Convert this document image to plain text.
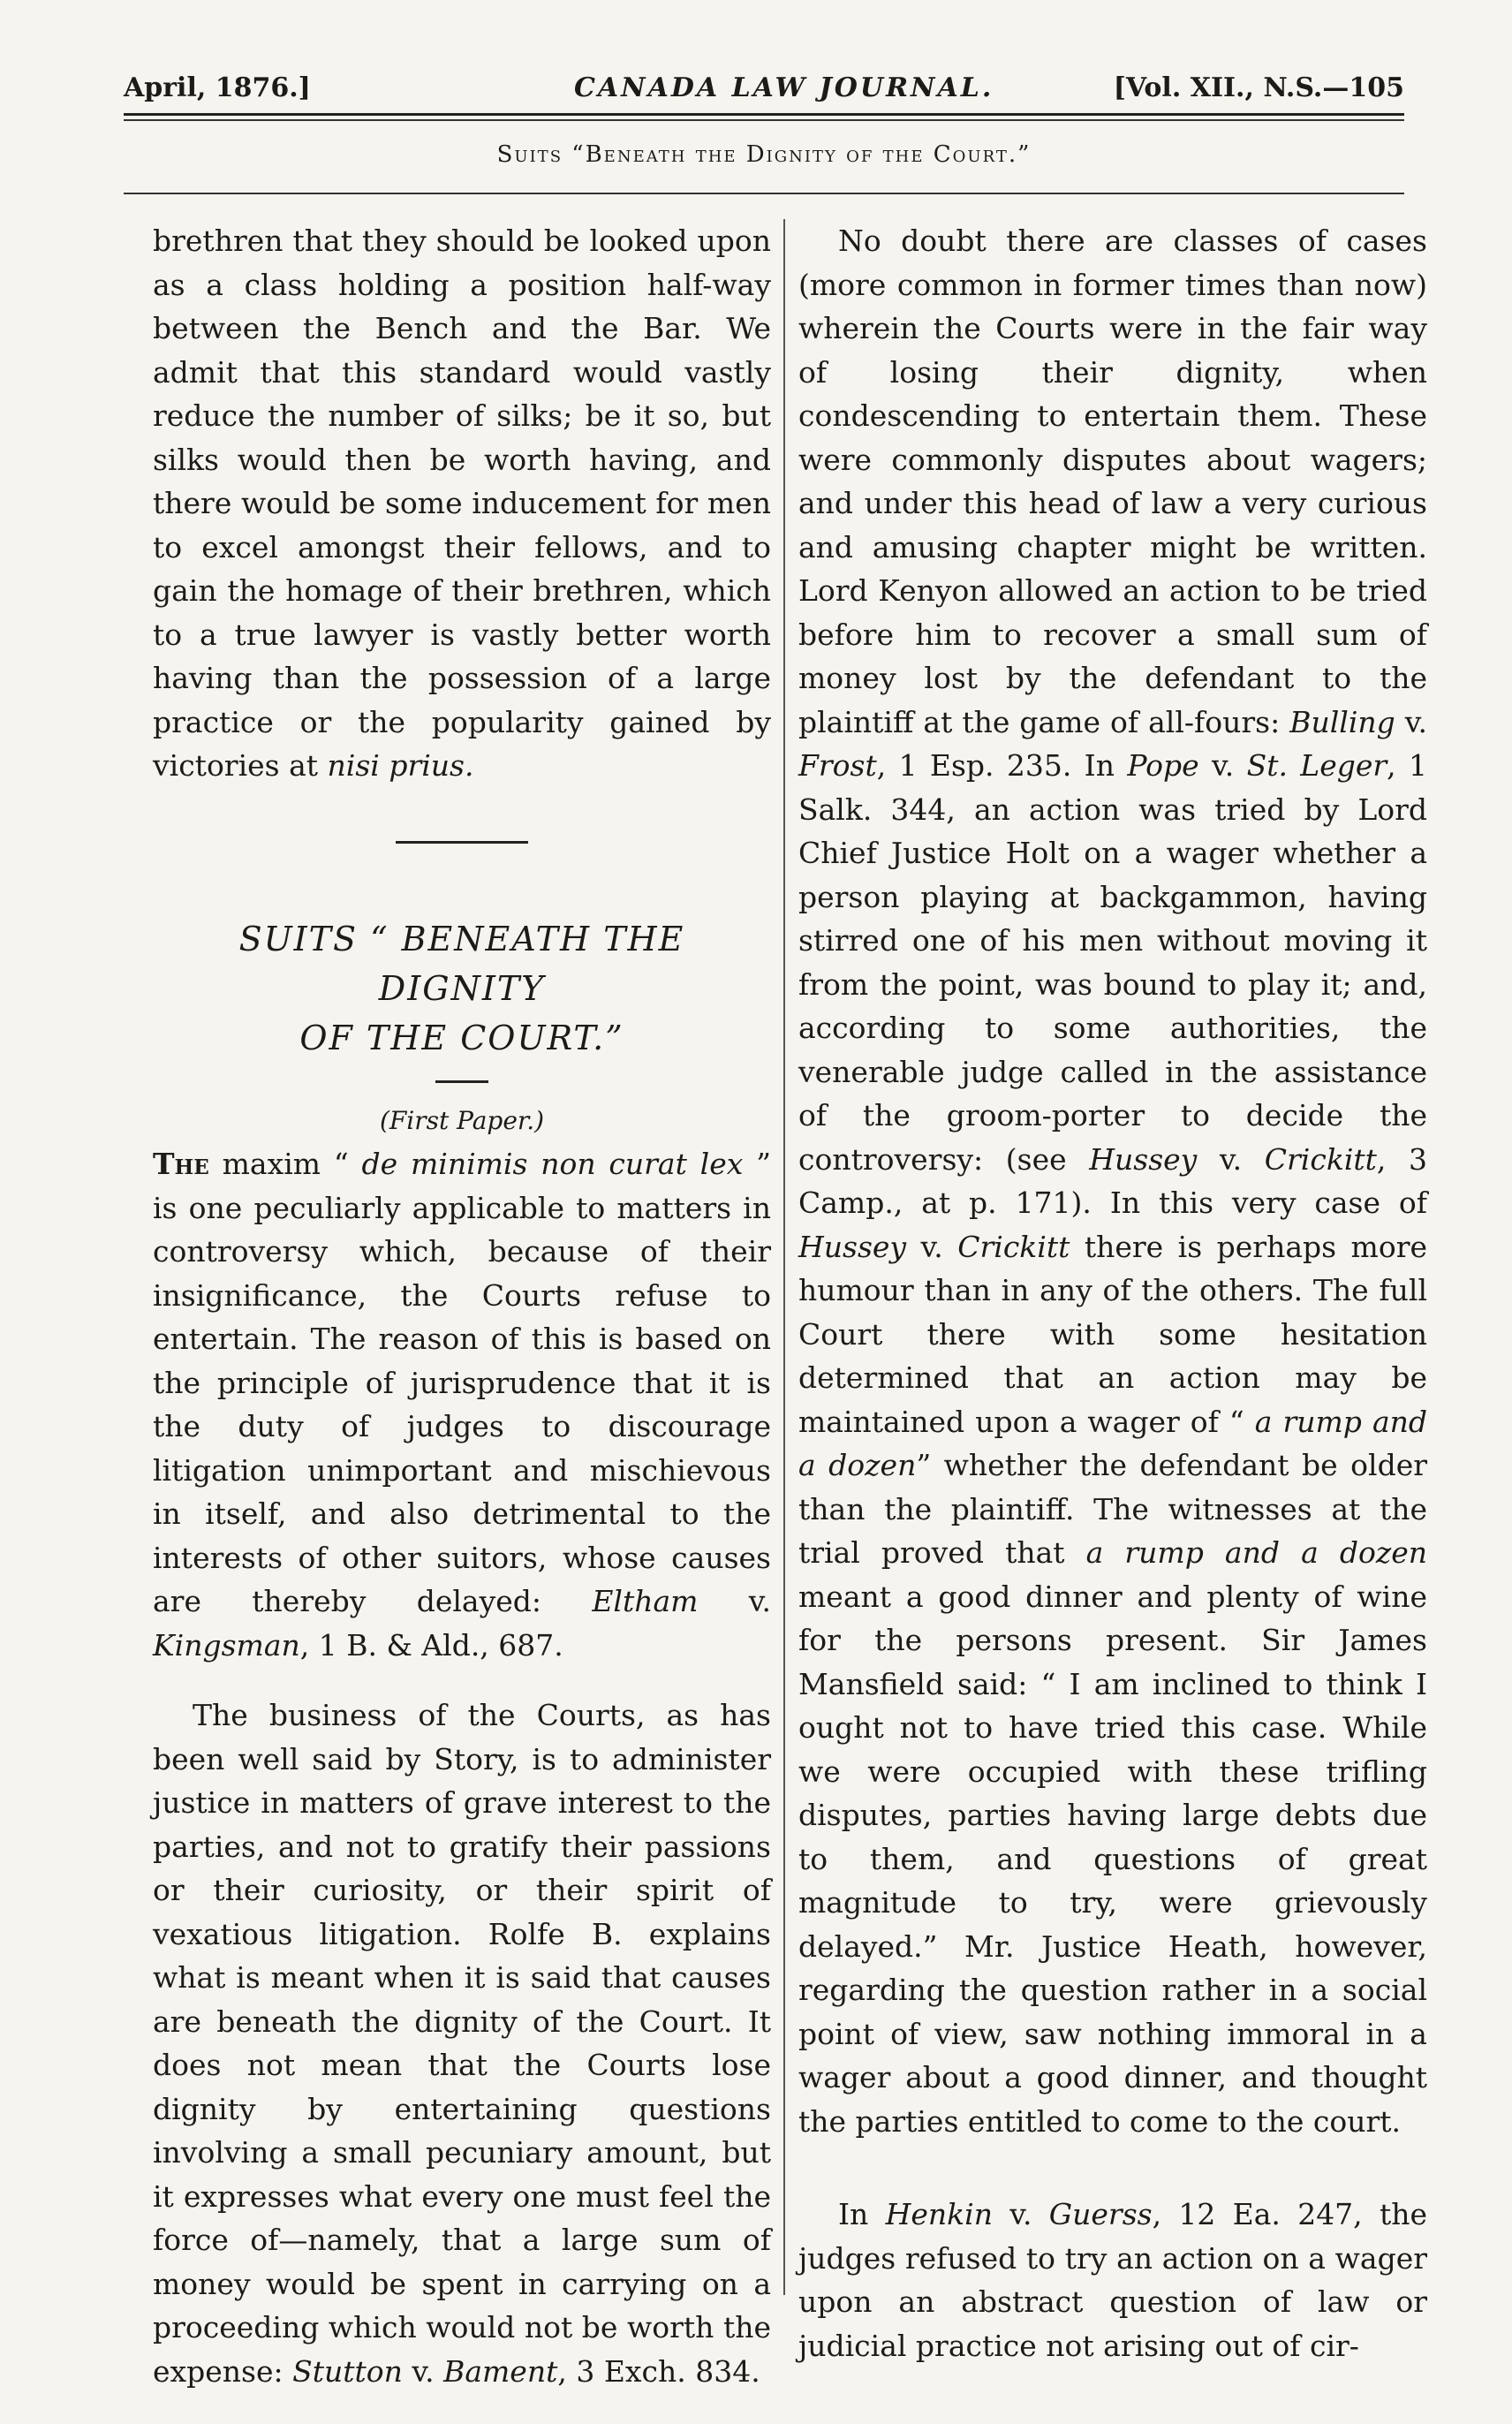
April, 1876.]	CANADA LAW JOURNAL.	[Vol. XII., N.S.—105
Suits “Beneath the Dignity of the Court.”

brethren that they should be looked upon as a class holding a position half-way between the Bench and the Bar. We admit that this standard would vastly reduce the number of silks; be it so, but silks would then be worth having, and there would be some inducement for men to excel amongst their fellows, and to gain the homage of their brethren, which to a true lawyer is vastly better worth having than the possession of a large practice or the popularity gained by victories at nisi prius.

SUITS “ BENEATH THE DIGNITY

OF THE COURT.”

(First Paper.)

The maxim “ de minimis non curat lex ” is one peculiarly applicable to matters in controversy which, because of their insignificance, the Courts refuse to entertain. The reason of this is based on the principle of jurisprudence that it is the duty of judges to discourage litigation unimportant and mischievous in itself, and also detrimental to the interests of other suitors, whose causes are thereby delayed: Eltham v. Kingsman, 1 B. & Ald., 687.

The business of the Courts, as has been well said by Story, is to administer justice in matters of grave interest to the parties, and not to gratify their passions or their curiosity, or their spirit of vexatious litigation. Rolfe B. explains what is meant when it is said that causes are beneath the dignity of the Court. It does not mean that the Courts lose dignity by entertaining questions involving a small pecuniary amount, but it expresses what every one must feel the force of—namely, that a large sum of money would be spent in carrying on a proceeding which would not be worth the expense: Stutton v. Bament, 3 Exch. 834.

No doubt there are classes of cases (more common in former times than now) wherein the Courts were in the fair way of losing their dignity, when condescending to entertain them. These were commonly disputes about wagers; and under this head of law a very curious and amusing chapter might be written. Lord Kenyon allowed an action to be tried before him to recover a small sum of money lost by the defendant to the plaintiff at the game of all-fours: Bulling v. Frost, 1 Esp. 235. In Pope v. St. Leger, 1 Salk. 344, an action was tried by Lord Chief Justice Holt on a wager whether a person playing at backgammon, having stirred one of his men without moving it from the point, was bound to play it; and, according to some authorities, the venerable judge called in the assistance of the groom-porter to decide the controversy: (see Hussey v. Crickitt, 3 Camp., at p. 171). In this very case of Hussey v. Crickitt there is perhaps more humour than in any of the others. The full Court there with some hesitation determined that an action may be maintained upon a wager of “ a rump and a dozen” whether the defendant be older than the plaintiff. The witnesses at the trial proved that a rump and a dozen meant a good dinner and plenty of wine for the persons present. Sir James Mansfield said: “ I am inclined to think I ought not to have tried this case. While we were occupied with these trifling disputes, parties having large debts due to them, and questions of great magnitude to try, were grievously delayed.” Mr. Justice Heath, however, regarding the question rather in a social point of view, saw nothing immoral in a wager about a good dinner, and thought the parties entitled to come to the court.

In Henkin v. Guerss, 12 Ea. 247, the judges refused to try an action on a wager upon an abstract question of law or judicial practice not arising out of cir-
